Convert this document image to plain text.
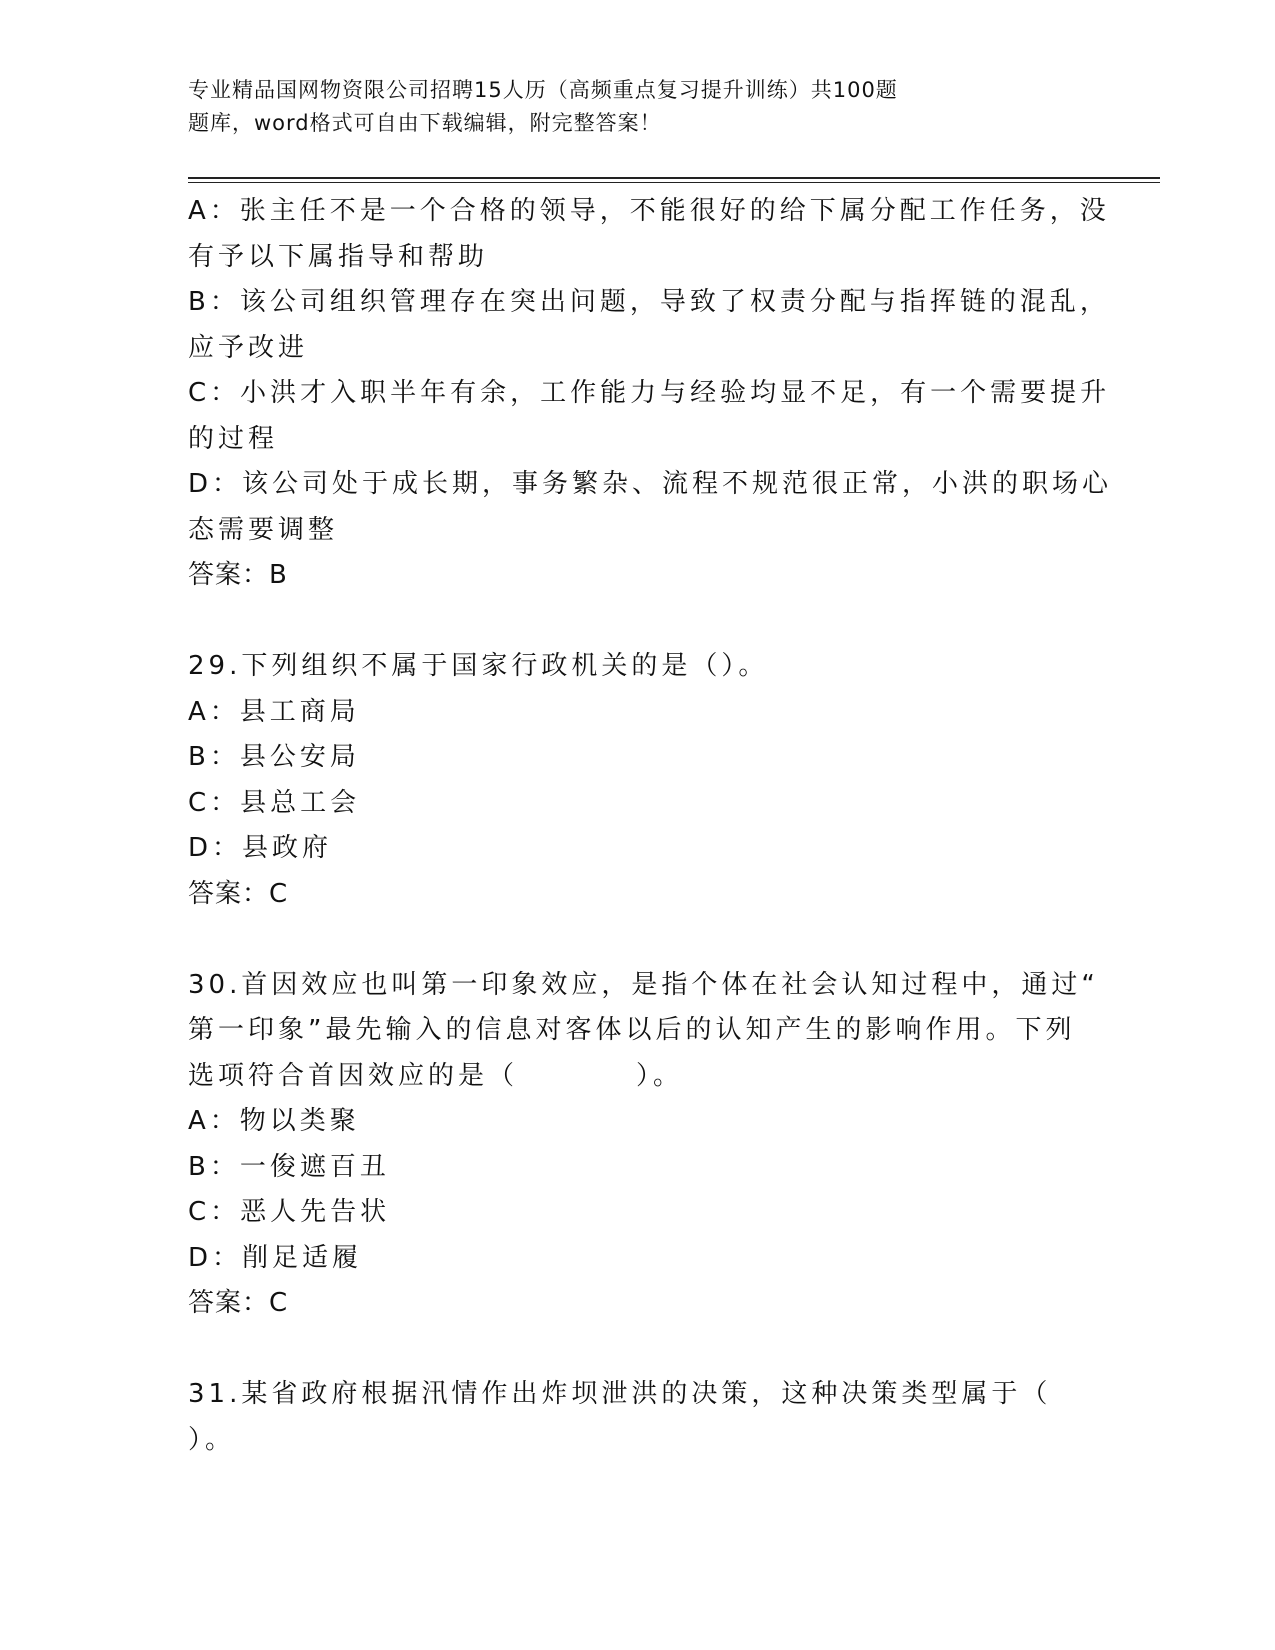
专业精品国网物资限公司招聘15人历（高频重点复习提升训练）共100题
题库，word格式可自由下载编辑，附完整答案！
A：张主任不是一个合格的领导，不能很好的给下属分配工作任务，没
有予以下属指导和帮助
B：该公司组织管理存在突出问题，导致了权责分配与指挥链的混乱，
应予改进
C：小洪才入职半年有余，工作能力与经验均显不足，有一个需要提升
的过程
D：该公司处于成长期，事务繁杂、流程不规范很正常，小洪的职场心
态需要调整
答案：B
29.下列组织不属于国家行政机关的是（）。
A：县工商局
B：县公安局
C：县总工会
D：县政府
答案：C
30.首因效应也叫第一印象效应，是指个体在社会认知过程中，通过“
第一印象”最先输入的信息对客体以后的认知产生的影响作用。下列
选项符合首因效应的是（	）。
A：物以类聚
B：一俊遮百丑
C：恶人先告状
D：削足适履
答案：C
31.某省政府根据汛情作出炸坝泄洪的决策，这种决策类型属于（
）。
